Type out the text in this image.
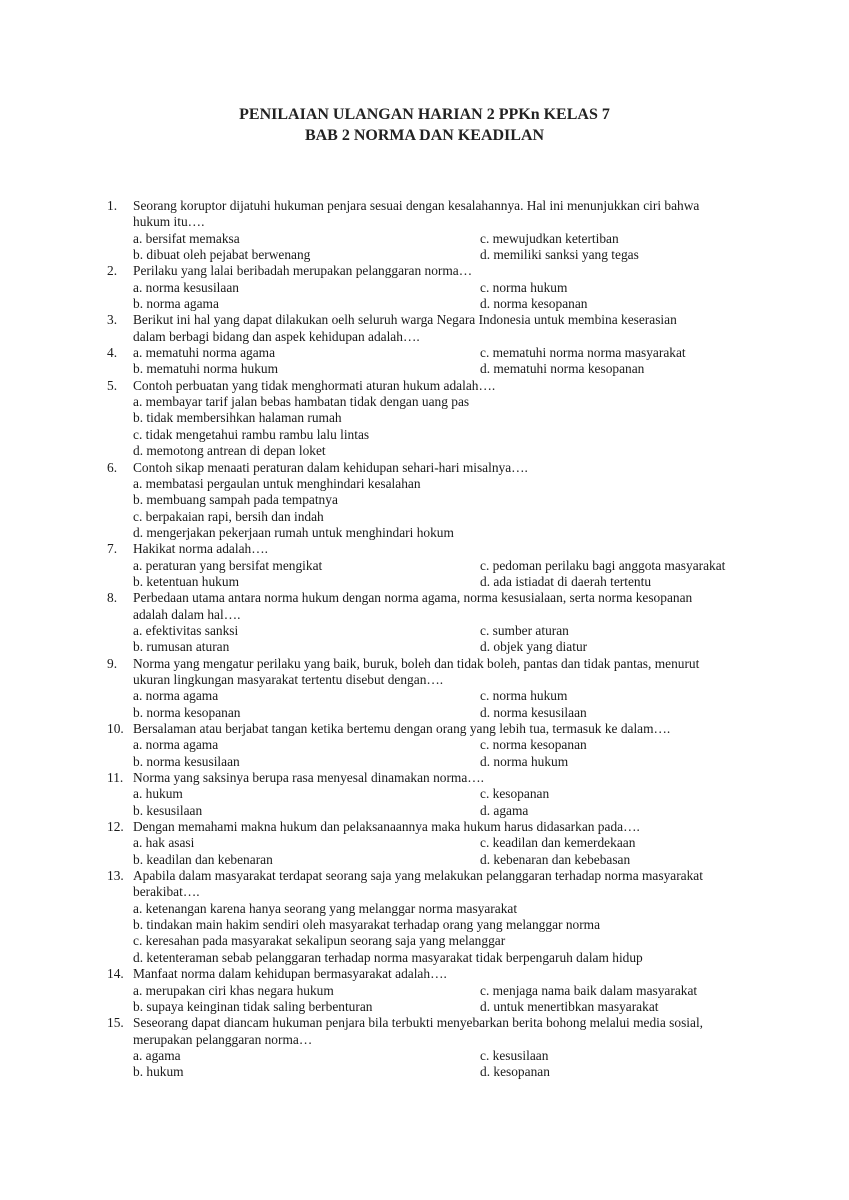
PENILAIAN ULANGAN HARIAN 2 PPKn KELAS 7
BAB 2 NORMA DAN KEADILAN
1.	Seorang koruptor dijatuhi hukuman penjara sesuai dengan kesalahannya. Hal ini menunjukkan ciri bahwa
hukum itu….
a. bersifat memaksa	c. mewujudkan ketertiban
b. dibuat oleh pejabat berwenang	d. memiliki sanksi yang tegas
2.	Perilaku yang lalai beribadah merupakan pelanggaran norma…
a. norma kesusilaan	c. norma hukum
b. norma agama	d. norma kesopanan
3.	Berikut ini hal yang dapat dilakukan oelh seluruh warga Negara Indonesia untuk membina keserasian
dalam berbagi bidang dan aspek kehidupan adalah….
4.	a. mematuhi norma agama	c. mematuhi norma norma masyarakat
b. mematuhi norma hukum	d. mematuhi norma kesopanan
5.	Contoh perbuatan yang tidak menghormati aturan hukum adalah….
a. membayar tarif jalan bebas hambatan tidak dengan uang pas
b. tidak membersihkan halaman rumah
c. tidak mengetahui rambu rambu lalu lintas
d. memotong antrean di depan loket
6.	Contoh sikap menaati peraturan dalam kehidupan sehari-hari misalnya….
a. membatasi pergaulan untuk menghindari kesalahan
b. membuang sampah pada tempatnya
c. berpakaian rapi, bersih dan indah
d. mengerjakan pekerjaan rumah untuk menghindari hokum
7.	Hakikat norma adalah….
a. peraturan yang bersifat mengikat	c. pedoman perilaku bagi anggota masyarakat
b. ketentuan hukum	d. ada istiadat di daerah tertentu
8.	Perbedaan utama antara norma hukum dengan norma agama, norma kesusialaan, serta norma kesopanan
adalah dalam hal….
a. efektivitas sanksi	c. sumber aturan
b. rumusan aturan	d. objek yang diatur
9.	Norma yang mengatur perilaku yang baik, buruk, boleh dan tidak boleh, pantas dan tidak pantas, menurut
ukuran lingkungan masyarakat tertentu disebut dengan….
a. norma agama	c. norma hukum
b. norma kesopanan	d. norma kesusilaan
10. Bersalaman atau berjabat tangan ketika bertemu dengan orang yang lebih tua, termasuk ke dalam….
a. norma agama	c. norma kesopanan
b. norma kesusilaan	d. norma hukum
11. Norma yang saksinya berupa rasa menyesal dinamakan norma….
a. hukum	c. kesopanan
b. kesusilaan	d. agama
12. Dengan memahami makna hukum dan pelaksanaannya maka hukum harus didasarkan pada….
a. hak asasi	c. keadilan dan kemerdekaan
b. keadilan dan kebenaran	d. kebenaran dan kebebasan
13. Apabila dalam masyarakat terdapat seorang saja yang melakukan pelanggaran terhadap norma masyarakat
berakibat….
a. ketenangan karena hanya seorang yang melanggar norma masyarakat
b. tindakan main hakim sendiri oleh masyarakat terhadap orang yang melanggar norma
c. keresahan pada masyarakat sekalipun seorang saja yang melanggar
d. ketenteraman sebab pelanggaran terhadap norma masyarakat tidak berpengaruh dalam hidup
14. Manfaat norma dalam kehidupan bermasyarakat adalah….
a. merupakan ciri khas negara hukum	c. menjaga nama baik dalam masyarakat
b. supaya keinginan tidak saling berbenturan	d. untuk menertibkan masyarakat
15. Seseorang dapat diancam hukuman penjara bila terbukti menyebarkan berita bohong melalui media sosial,
merupakan pelanggaran norma…
a. agama	c. kesusilaan
b. hukum	d. kesopanan
